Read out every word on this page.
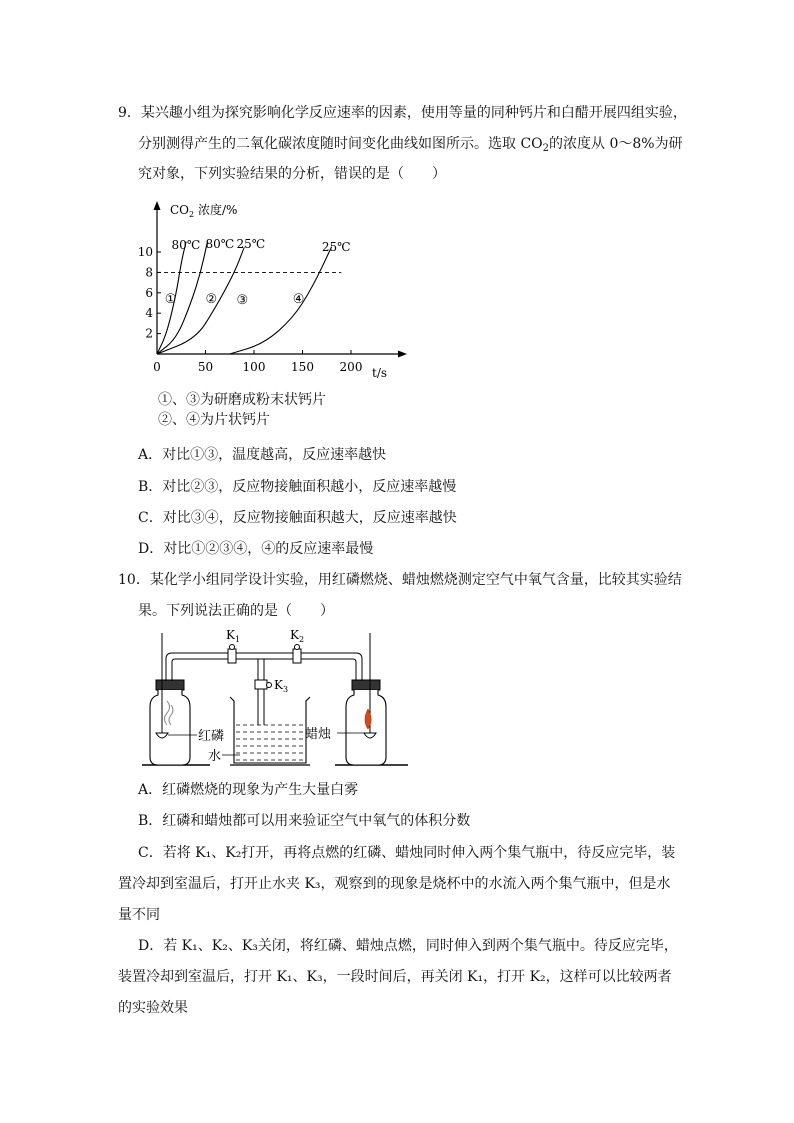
9．某兴趣小组为探究影响化学反应速率的因素，使用等量的同种钙片和白醋开展四组实验，
分别测得产生的二氧化碳浓度随时间变化曲线如图所示。选取 $CO_2$的浓度从 0～8%为研
究对象，下列实验结果的分析，错误的是（　　）
$CO_2$ 浓度/%
2
4
6
8
10
0	50 100 150 200
① ② ③	④
80℃ 80℃ 25℃	25℃
t/s
①、③为研磨成粉末状钙片
②、④为片状钙片
A．对比①③，温度越高，反应速率越快
B．对比②③，反应物接触面积越小，反应速率越慢
C．对比③④，反应物接触面积越大，反应速率越快
D．对比①②③④，④的反应速率最慢
10．某化学小组同学设计实验，用红磷燃烧、蜡烛燃烧测定空气中氧气含量，比较其实验结
果。下列说法正确的是（　　）
红磷	蜡烛
$K_1$	$K_2$
$K_3$
水
A．红磷燃烧的现象为产生大量白雾
B．红磷和蜡烛都可以用来验证空气中氧气的体积分数
C．若将 K₁、K₂打开，再将点燃的红磷、蜡烛同时伸入两个集气瓶中，待反应完毕，装
置冷却到室温后，打开止水夹 K₃，观察到的现象是烧杯中的水流入两个集气瓶中，但是水
量不同
D．若 K₁、K₂、K₃关闭，将红磷、蜡烛点燃，同时伸入到两个集气瓶中。待反应完毕，
装置冷却到室温后，打开 K₁、K₃，一段时间后，再关闭 K₁，打开 K₂，这样可以比较两者
的实验效果
